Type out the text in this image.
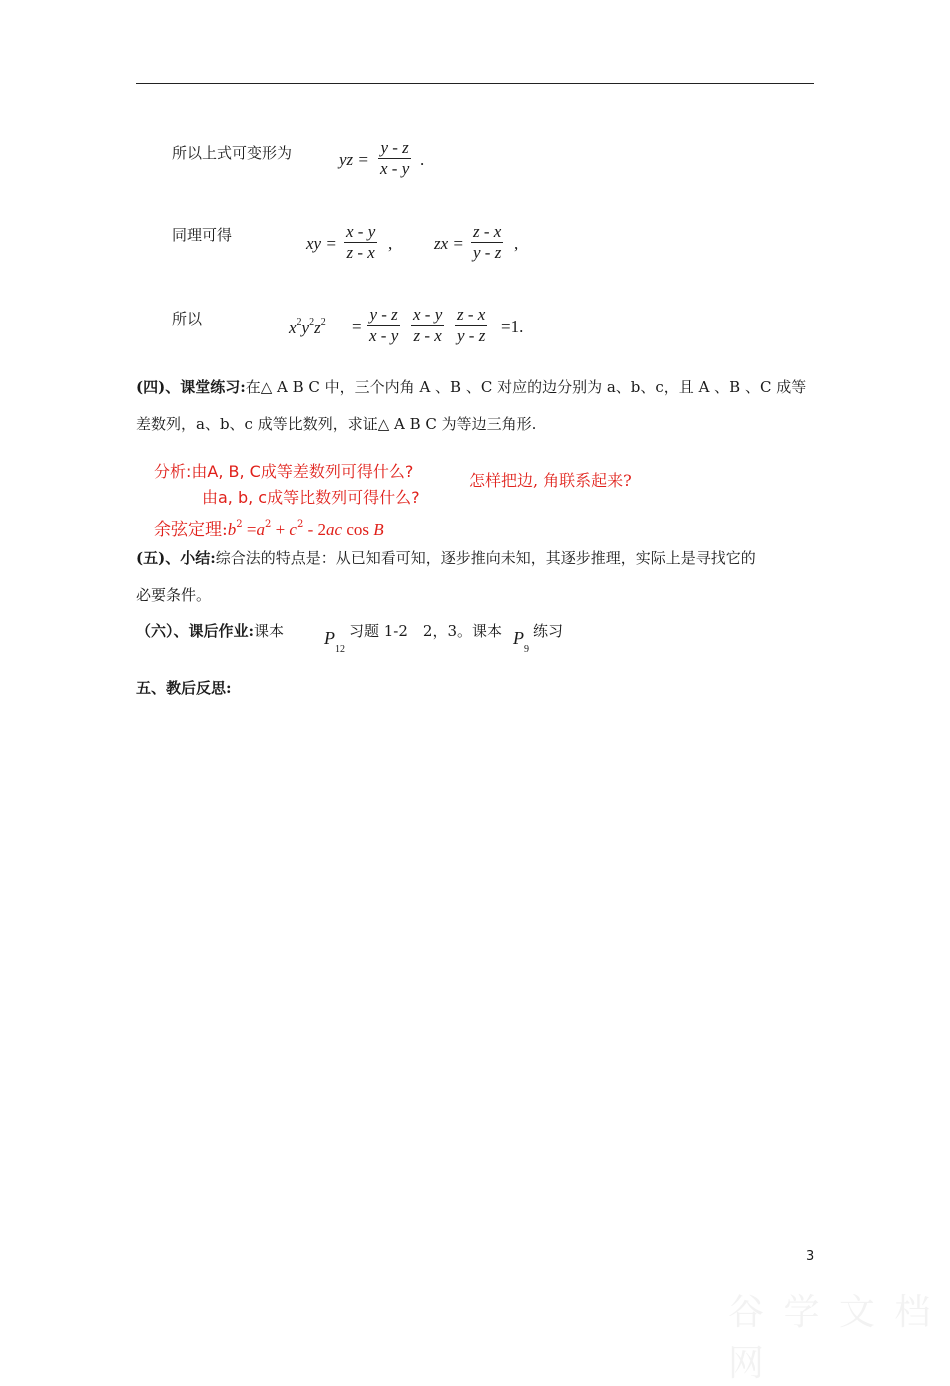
所以上式可变形为	yz =
y - z
x - y .
同理可得	xy =
x - y
z - x , zx =
z - x
y - z ,
所以	$x^2y^2z^2$ =
y - z
x - y
x - y
z - x
z - x
y - z =1.
(四)、课堂练习:在△ A B C 中，三个内角 A 、B 、C 对应的边分别为 a、b、c，且 A 、B 、C 成等
差数列，a、b、c 成等比数列，求证△ A B C 为等边三角形.
分析:由A, B, C成等差数列可得什么?
由a, b, c成等比数列可得什么?
怎样把边, 角联系起来?
余弦定理$:b^2 =a^2 + c^2 - 2ac$ cos B
(五)、小结:综合法的特点是：从已知看可知，逐步推向未知，其逐步推理，实际上是寻找它的
必要条件。
（六）、课后作业:课本 $P_{12}$
习题 1-2　2，3。课本 $P_9$
练习
五、教后反思:
3
谷 学 文 档 网
